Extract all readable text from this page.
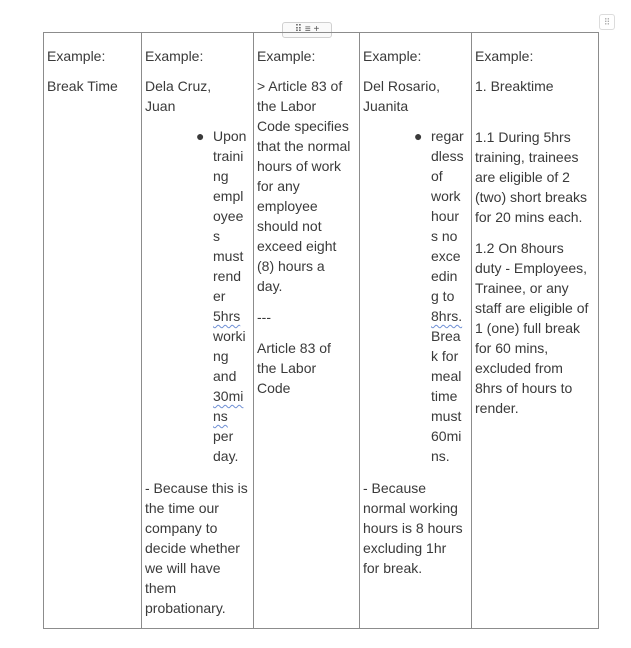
⠿ ≡ +
⠿
Example:
Break Time
Example:
Dela Cruz, Juan
● Upon
traini
ng
empl
oyee
s
must
rend
er
5hrs
worki
ng
and
30mi
ns
per
day.
- Because this is the time our company to decide whether we will have them probationary.
Example:
> Article 83 of
the Labor
Code specifies
that the normal
hours of work
for any
employee
should not
exceed eight
(8) hours a
day.
---
Article 83 of
the Labor
Code
Example:
Del Rosario, Juanita
● regar
dless
of
work
hour
s no
exce
edin
g to
8hrs.
Brea
k for
meal
time
must
60mi
ns.
- Because normal working hours is 8 hours excluding 1hr for break.
Example:
1. Breaktime
1.1 During 5hrs
training, trainees
are eligible of 2
(two) short breaks
for 20 mins each.
1.2 On 8hours
duty - Employees,
Trainee, or any
staff are eligible of
1 (one) full break
for 60 mins,
excluded from
8hrs of hours to
render.
